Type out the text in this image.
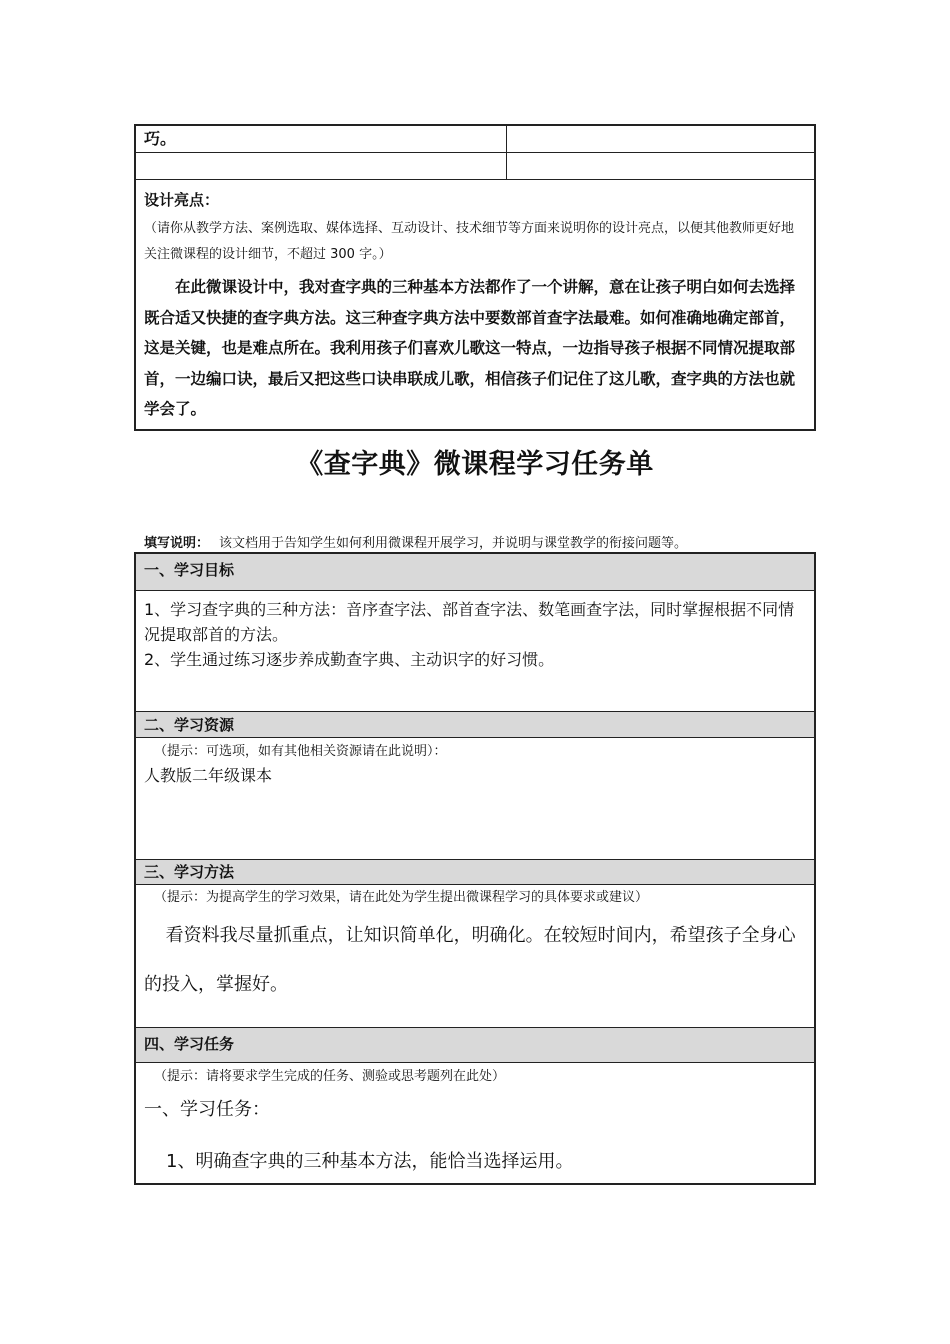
巧。
设计亮点：
（请你从教学方法、案例选取、媒体选择、互动设计、技术细节等方面来说明你的设计亮点，以便其他教师更好地关注微课程的设计细节，不超过 300 字。）
在此微课设计中，我对查字典的三种基本方法都作了一个讲解，意在让孩子明白如何去选择既合适又快捷的查字典方法。这三种查字典方法中要数部首查字法最难。如何准确地确定部首，这是关键，也是难点所在。我利用孩子们喜欢儿歌这一特点，一边指导孩子根据不同情况提取部首，一边编口诀，最后又把这些口诀串联成儿歌，相信孩子们记住了这儿歌，查字典的方法也就学会了。
《查字典》微课程学习任务单
填写说明： 该文档用于告知学生如何利用微课程开展学习，并说明与课堂教学的衔接问题等。
一、学习目标
1、学习查字典的三种方法：音序查字法、部首查字法、数笔画查字法，同时掌握根据不同情况提取部首的方法。
2、学生通过练习逐步养成勤查字典、主动识字的好习惯。
二、学习资源
（提示：可选项，如有其他相关资源请在此说明）：
人教版二年级课本
三、学习方法
（提示：为提高学生的学习效果，请在此处为学生提出微课程学习的具体要求或建议）
看资料我尽量抓重点，让知识简单化，明确化。在较短时间内，希望孩子全身心
的投入，掌握好。
四、学习任务
（提示：请将要求学生完成的任务、测验或思考题列在此处）
一、学习任务：
1、明确查字典的三种基本方法，能恰当选择运用。
